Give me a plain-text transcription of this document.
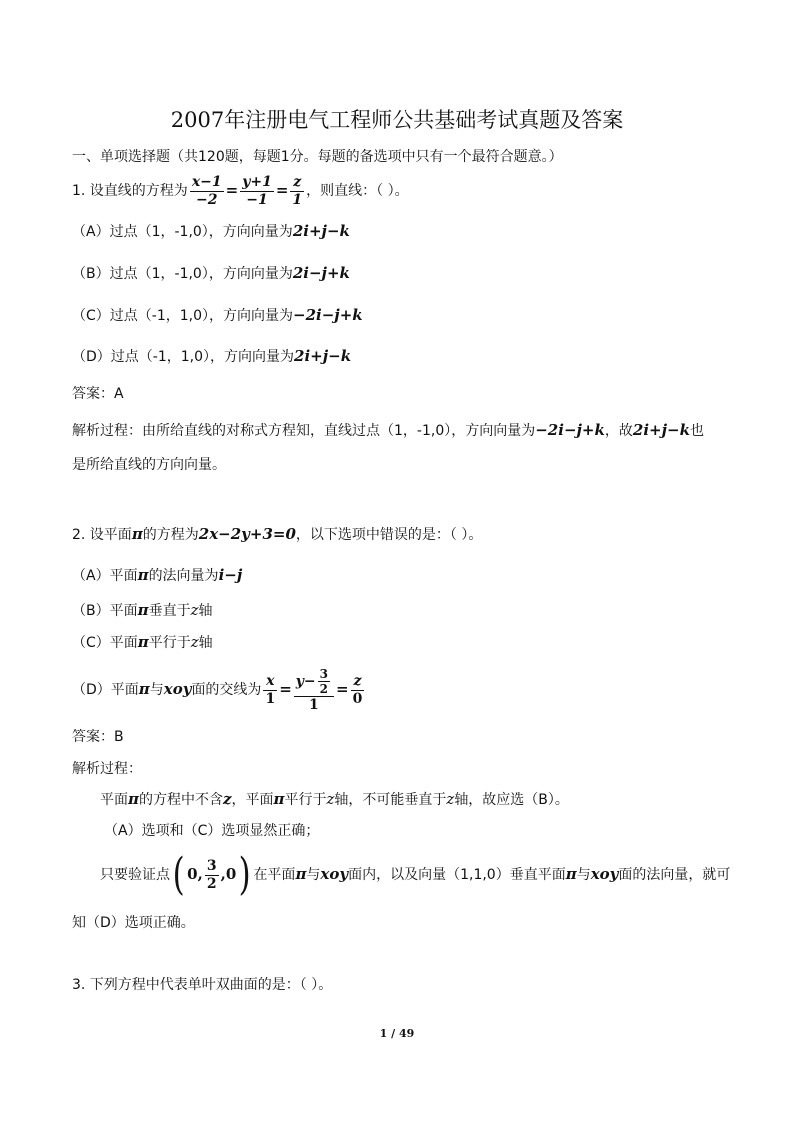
2007年注册电气工程师公共基础考试真题及答案
一、单项选择题（共120题，每题1分。每题的备选项中只有一个最符合题意。）
1. 设直线的方程为 $\frac{x-1}{-2} = \frac{y+1}{-1} = \frac{z}{1}$ ，则直线：（ ）。
（A）过点（1，-1,0），方向向量为2i+j−k
（B）过点（1，-1,0），方向向量为2i−j+k
（C）过点（-1，1,0），方向向量为−2i−j+k
（D）过点（-1，1,0），方向向量为2i+j−k
答案：A
解析过程：由所给直线的对称式方程知，直线过点（1，-1,0），方向向量为−2i−j+k，故2i+j−k也
是所给直线的方向向量。
2. 设平面π的方程为2x−2y+3=0，以下选项中错误的是：（ ）。
（A）平面π的法向量为i−j
（B）平面π垂直于z轴
（C）平面π平行于z轴
（D）平面π与xoy面的交线为 $\frac{x}{1} = \frac{y- \frac{3}{2}}{1} = \frac{z}{0}$
答案：B
解析过程：
平面π的方程中不含z，平面π平行于z轴，不可能垂直于z轴，故应选（B）。
（A）选项和（C）选项显然正确；
只要验证点( 0, $\frac{3}{2} ,0$) 在平面π与xoy面内，以及向量（1,1,0）垂直平面π与xoy面的法向量，就可
知（D）选项正确。
3. 下列方程中代表单叶双曲面的是：（ ）。
1 / 49
